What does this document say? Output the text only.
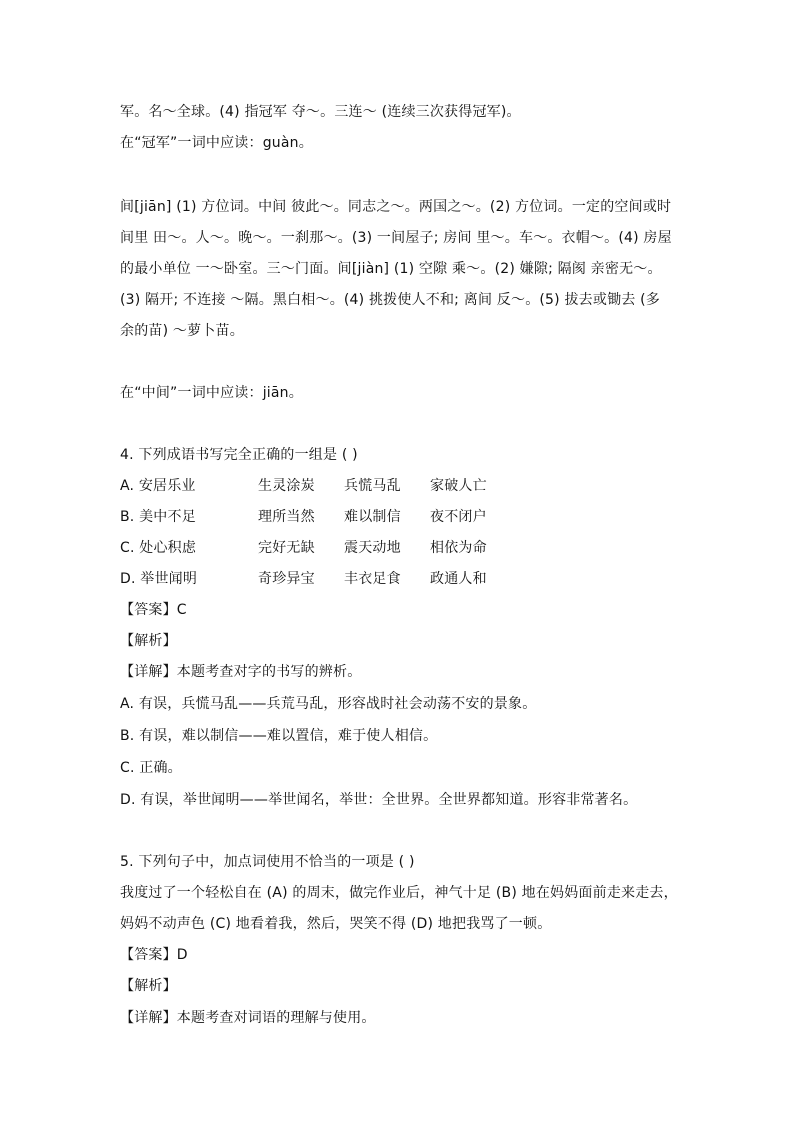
军。名～全球。(4) 指冠军 夺～。三连～ (连续三次获得冠军)。
在“冠军”一词中应读：guàn。
间[jiān] (1) 方位词。中间 彼此～。同志之～。两国之～。(2) 方位词。一定的空间或时
间里 田～。人～。晚～。一刹那～。(3) 一间屋子; 房间 里～。车～。衣帽～。(4) 房屋
的最小单位 一～卧室。三～门面。间[jiàn] (1) 空隙 乘～。(2) 嫌隙; 隔阂 亲密无～。
(3) 隔开; 不连接 ～隔。黑白相～。(4) 挑拨使人不和; 离间 反～。(5) 拔去或锄去 (多
余的苗) ～萝卜苗。
在“中间”一词中应读：jiān。
4. 下列成语书写完全正确的一组是 ( )
A. 安居乐业	生灵涂炭 兵慌马乱 家破人亡
B. 美中不足	理所当然 难以制信 夜不闭户
C. 处心积虑	完好无缺 震天动地 相依为命
D. 举世闻明	奇珍异宝 丰衣足食 政通人和
【答案】C
【解析】
【详解】本题考查对字的书写的辨析。
A. 有误，兵慌马乱——兵荒马乱，形容战时社会动荡不安的景象。
B. 有误，难以制信——难以置信，难于使人相信。
C. 正确。
D. 有误，举世闻明——举世闻名，举世：全世界。全世界都知道。形容非常著名。
5. 下列句子中，加点词使用不恰当的一项是 ( )
我度过了一个轻松自在 (A) 的周末，做完作业后，神气十足 (B) 地在妈妈面前走来走去，
妈妈不动声色 (C) 地看着我，然后，哭笑不得 (D) 地把我骂了一顿。
【答案】D
【解析】
【详解】本题考查对词语的理解与使用。
